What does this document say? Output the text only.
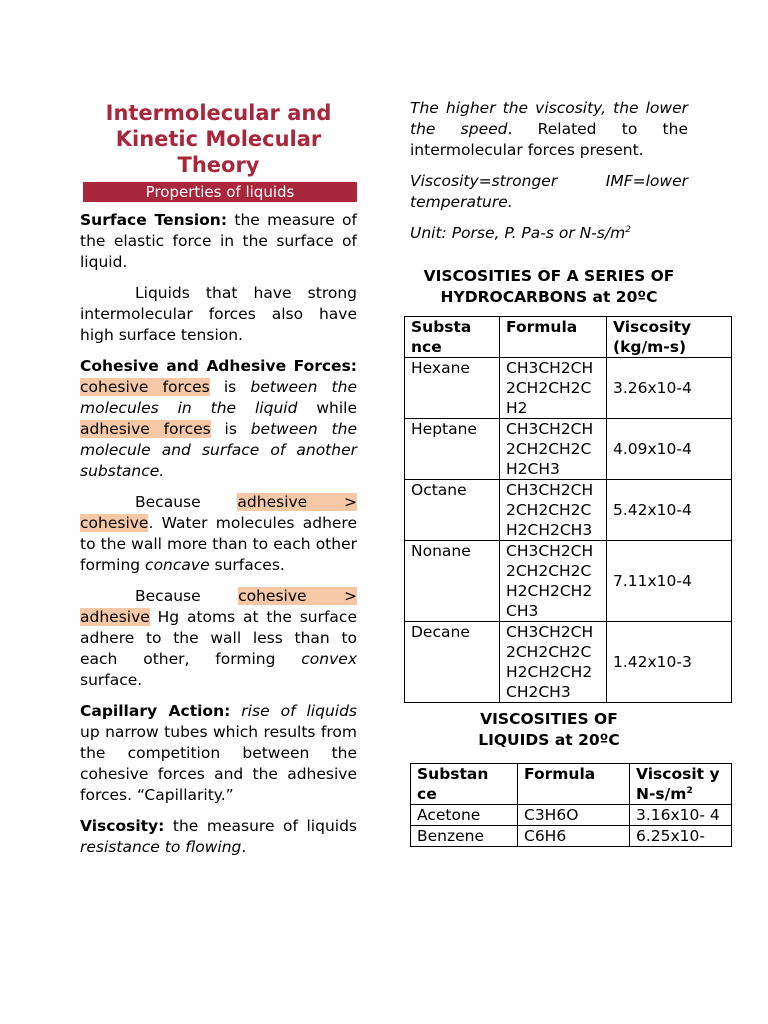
Intermolecular and Kinetic Molecular Theory
Properties of liquids

Surface Tension: the measure of the elastic force in the surface of liquid.

Liquids that have strong intermolecular forces also have high surface tension.

Cohesive and Adhesive Forces: cohesive forces is between the molecules in the liquid while adhesive forces is between the molecule and surface of another substance.

Because adhesive > cohesive. Water molecules adhere to the wall more than to each other forming concave surfaces.

Because cohesive > adhesive Hg atoms at the surface adhere to the wall less than to each other, forming convex surface.

Capillary Action: rise of liquids up narrow tubes which results from the competition between the cohesive forces and the adhesive forces. “Capillarity.”

Viscosity: the measure of liquids resistance to flowing.

The higher the viscosity, the lower the speed. Related to the intermolecular forces present.

Viscosity=stronger IMF=lower temperature.

Unit: Porse, P. Pa-s or $N-s/m^2$

VISCOSITIES OF A SERIES OF HYDROCARBONS at 20ºC
Substa nce	Formula	Viscosity (kg/m-s)
Hexane	CH3CH2CH 2CH2CH2C H2	3.26x10-4
Heptane	CH3CH2CH 2CH2CH2C H2CH3	4.09x10-4
Octane	CH3CH2CH 2CH2CH2C H2CH2CH3	5.42x10-4
Nonane	CH3CH2CH 2CH2CH2C H2CH2CH2 CH3	7.11x10-4
Decane	CH3CH2CH 2CH2CH2C H2CH2CH2 CH2CH3	1.42x10-3
VISCOSITIES OF LIQUIDS at 20ºC
Substan ce	Formula	Viscosit y $N-s/m^2$
Acetone	C3H6O	3.16x10- 4
Benzene	C6H6	6.25x10-
